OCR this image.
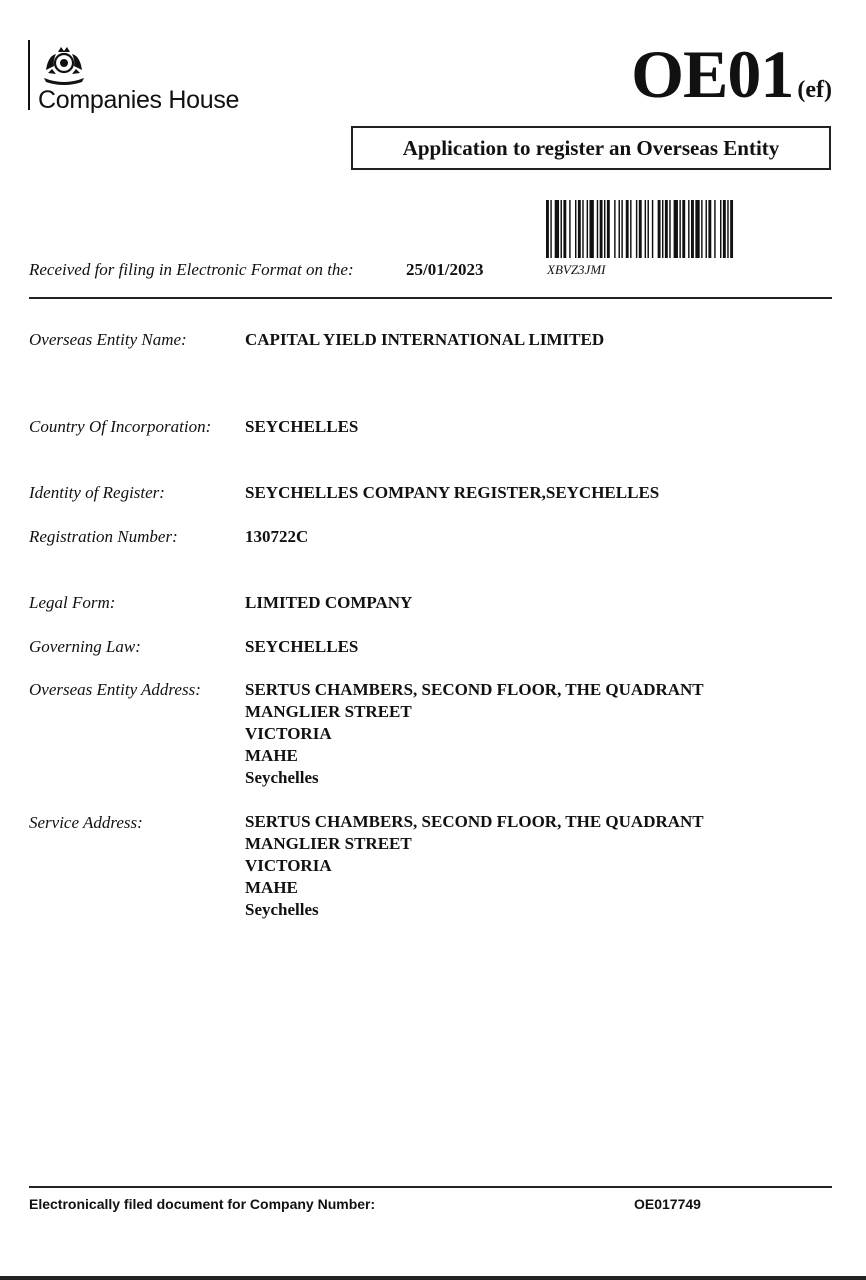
Companies House	OE01 (ef)
Application to register an Overseas Entity
Received for filing in Electronic Format on the:	25/01/2023	XBVZ3JMI
Overseas Entity Name:	CAPITAL YIELD INTERNATIONAL LIMITED
Country Of Incorporation:	SEYCHELLES
Identity of Register:	SEYCHELLES COMPANY REGISTER,SEYCHELLES
Registration Number:	130722C
Legal Form:	LIMITED COMPANY
Governing Law:	SEYCHELLES
Overseas Entity Address:	SERTUS CHAMBERS, SECOND FLOOR, THE QUADRANT
MANGLIER STREET
VICTORIA
MAHE
Seychelles
Service Address:	SERTUS CHAMBERS, SECOND FLOOR, THE QUADRANT
MANGLIER STREET
VICTORIA
MAHE
Seychelles
Electronically filed document for Company Number:	OE017749
